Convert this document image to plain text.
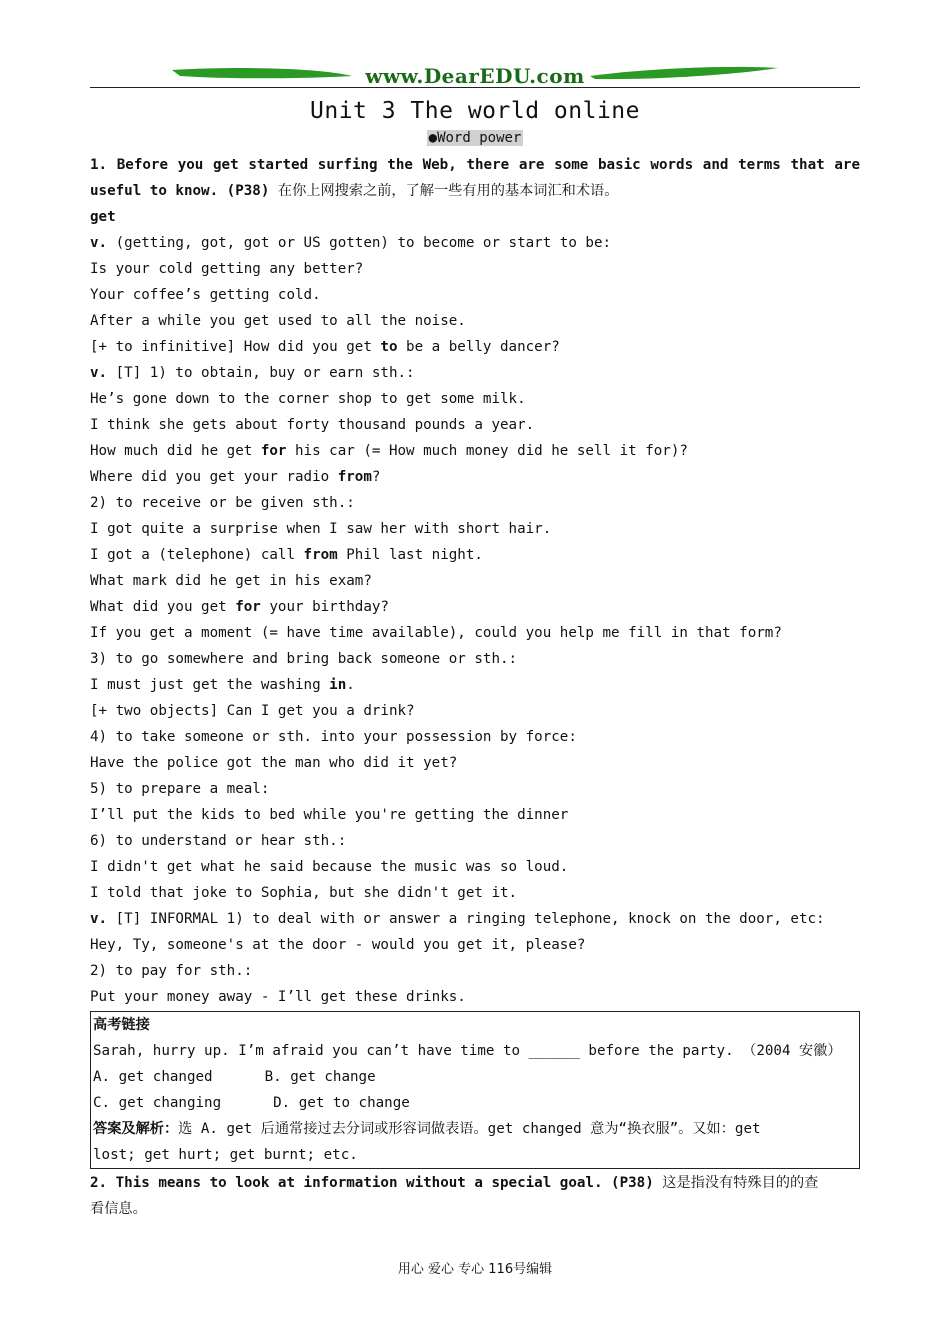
www.DearEDU.com
Unit 3 The world online
●Word power
1. Before you get started surfing the Web, there are some basic words and terms that are
useful to know. (P38) 在你上网搜索之前，了解一些有用的基本词汇和术语。
get
v. (getting, got, got or US gotten) to become or start to be:
Is your cold getting any better?
Your coffee’s getting cold.
After a while you get used to all the noise.
[+ to infinitive] How did you get to be a belly dancer?
v. [T] 1) to obtain, buy or earn sth.:
He’s gone down to the corner shop to get some milk.
I think she gets about forty thousand pounds a year.
How much did he get for his car (= How much money did he sell it for)?
Where did you get your radio from?
2) to receive or be given sth.:
I got quite a surprise when I saw her with short hair.
I got a (telephone) call from Phil last night.
What mark did he get in his exam?
What did you get for your birthday?
If you get a moment (= have time available), could you help me fill in that form?
3) to go somewhere and bring back someone or sth.:
I must just get the washing in.
[+ two objects] Can I get you a drink?
4) to take someone or sth. into your possession by force:
Have the police got the man who did it yet?
5) to prepare a meal:
I’ll put the kids to bed while you're getting the dinner
6) to understand or hear sth.:
I didn't get what he said because the music was so loud.
I told that joke to Sophia, but she didn't get it.
v. [T] INFORMAL 1) to deal with or answer a ringing telephone, knock on the door, etc:
Hey, Ty, someone's at the door - would you get it, please?
2) to pay for sth.:
Put your money away - I’ll get these drinks.
高考链接
Sarah, hurry up. I’m afraid you can’t have time to ______ before the party. （2004 安徽）
A. get changed	B. get change
C. get changing	D. get to change
答案及解析：选 A. get 后通常接过去分词或形容词做表语。get changed 意为“换衣服”。又如：get
lost; get hurt; get burnt; etc.
2. This means to look at information without a special goal. (P38) 这是指没有特殊目的的查
看信息。
用心 爱心 专心 116号编辑
